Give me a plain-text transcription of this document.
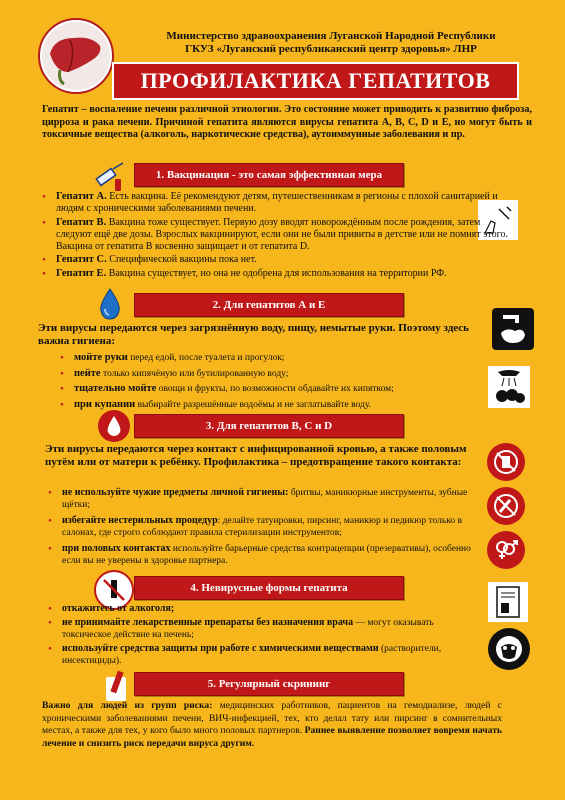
Министерство здравоохранения Луганской Народной Республики
ГКУЗ «Луганский республиканский центр здоровья» ЛНР
ПРОФИЛАКТИКА ГЕПАТИТОВ
Гепатит – воспаление печени различной этиологии. Это состояние может приводить к развитию фиброза, цирроза и рака печени. Причиной гепатита являются вирусы гепатита А, В, С, D и Е, но могут быть и токсичные вещества (алкоголь, наркотические средства), аутоиммунные заболевания и пр.
1. Вакцинация - это самая эффективная мера
• Гепатит А. Есть вакцина. Её рекомендуют детям, путешественникам в регионы с плохой санитарией и людям с хроническими заболеваниями печени.
• Гепатит В. Вакцина тоже существует. Первую дозу вводят новорождённым после рождения, затем следуют ещё две дозы. Взрослых вакцинируют, если они не были привиты в детстве или не помнят этого. Вакцина от гепатита В косвенно защищает и от гепатита D.
• Гепатит С. Специфической вакцины пока нет.
• Гепатит Е. Вакцина существует, но она не одобрена для использования на территории РФ.
2. Для гепатитов А и Е
Эти вирусы передаются через загрязнённую воду, пищу, немытые руки. Поэтому здесь важна гигиена:
• мойте руки перед едой, после туалета и прогулок;
• пейте только кипячёную или бутилированную воду;
• тщательно мойте овощи и фрукты, по возможности обдавайте их кипятком;
• при купании выбирайте разрешённые водоёмы и не заглатывайте воду.
3. Для гепатитов В, С и D
Эти вирусы передаются через контакт с инфицированной кровью, а также половым путём или от матери к ребёнку. Профилактика – предотвращение такого контакта:
• не используйте чужие предметы личной гигиены: бритвы, маникюрные инструменты, зубные щётки;
• избегайте нестерильных процедур: делайте татуировки, пирсинг, маникюр и педикюр только в салонах, где строго соблюдают правила стерилизации инструментов;
• при половых контактах используйте барьерные средства контрацепции (презервативы), особенно если вы не уверены в здоровье партнера.
4. Невирусные формы гепатита
• откажитесь от алкоголя;
• не принимайте лекарственные препараты без назначения врача — могут оказывать токсическое действие на печень;
• используйте средства защиты при работе с химическими веществами (растворители, инсектициды).
5. Регулярный скрининг
Важно для людей из групп риска: медицинских работников, пациентов на гемодиализе, людей с хроническими заболеваниями печени, ВИЧ-инфекцией, тех, кто делал тату или пирсинг в сомнительных местах, а также для тех, у кого было много половых партнеров. Раннее выявление позволяет вовремя начать лечение и снизить риск передачи вируса другим.
